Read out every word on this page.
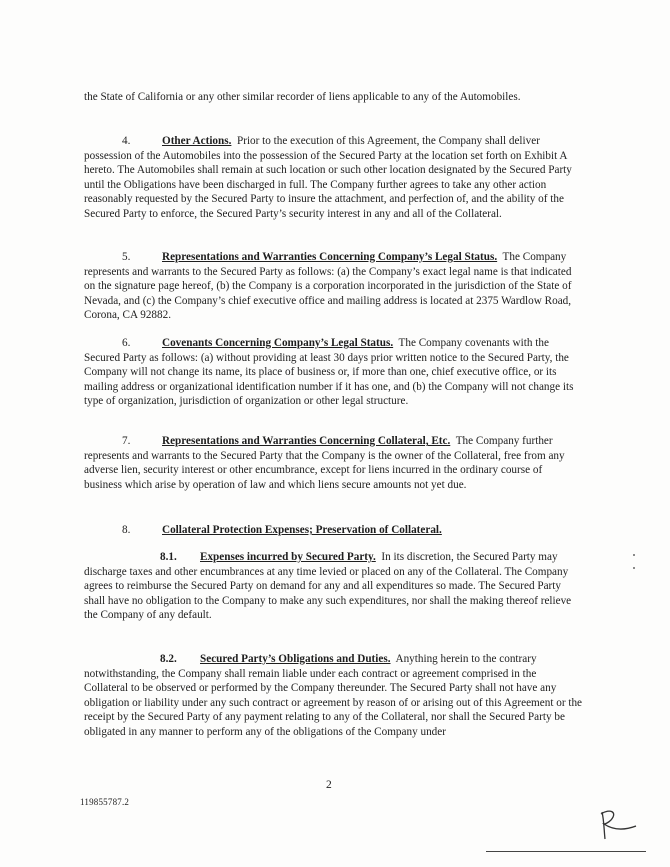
the State of California or any other similar recorder of liens applicable to any of the Automobiles.

4.	Other Actions. Prior to the execution of this Agreement, the Company shall deliver possession of the Automobiles into the possession of the Secured Party at the location set forth on Exhibit A hereto. The Automobiles shall remain at such location or such other location designated by the Secured Party until the Obligations have been discharged in full. The Company further agrees to take any other action reasonably requested by the Secured Party to insure the attachment, and perfection of, and the ability of the Secured Party to enforce, the Secured Party’s security interest in any and all of the Collateral.

5.	Representations and Warranties Concerning Company’s Legal Status. The Company represents and warrants to the Secured Party as follows: (a) the Company’s exact legal name is that indicated on the signature page hereof, (b) the Company is a corporation incorporated in the jurisdiction of the State of Nevada, and (c) the Company’s chief executive office and mailing address is located at 2375 Wardlow Road, Corona, CA 92882.

6.	Covenants Concerning Company’s Legal Status. The Company covenants with the Secured Party as follows: (a) without providing at least 30 days prior written notice to the Secured Party, the Company will not change its name, its place of business or, if more than one, chief executive office, or its mailing address or organizational identification number if it has one, and (b) the Company will not change its type of organization, jurisdiction of organization or other legal structure.

7.	Representations and Warranties Concerning Collateral, Etc. The Company further represents and warrants to the Secured Party that the Company is the owner of the Collateral, free from any adverse lien, security interest or other encumbrance, except for liens incurred in the ordinary course of business which arise by operation of law and which liens secure amounts not yet due.

8.	Collateral Protection Expenses; Preservation of Collateral.

8.1. Expenses incurred by Secured Party. In its discretion, the Secured Party may discharge taxes and other encumbrances at any time levied or placed on any of the Collateral. The Company agrees to reimburse the Secured Party on demand for any and all expenditures so made. The Secured Party shall have no obligation to the Company to make any such expenditures, nor shall the making thereof relieve the Company of any default.

8.2. Secured Party’s Obligations and Duties. Anything herein to the contrary notwithstanding, the Company shall remain liable under each contract or agreement comprised in the Collateral to be observed or performed by the Company thereunder. The Secured Party shall not have any obligation or liability under any such contract or agreement by reason of or arising out of this Agreement or the receipt by the Secured Party of any payment relating to any of the Collateral, nor shall the Secured Party be obligated in any manner to perform any of the obligations of the Company under

2
119855787.2
